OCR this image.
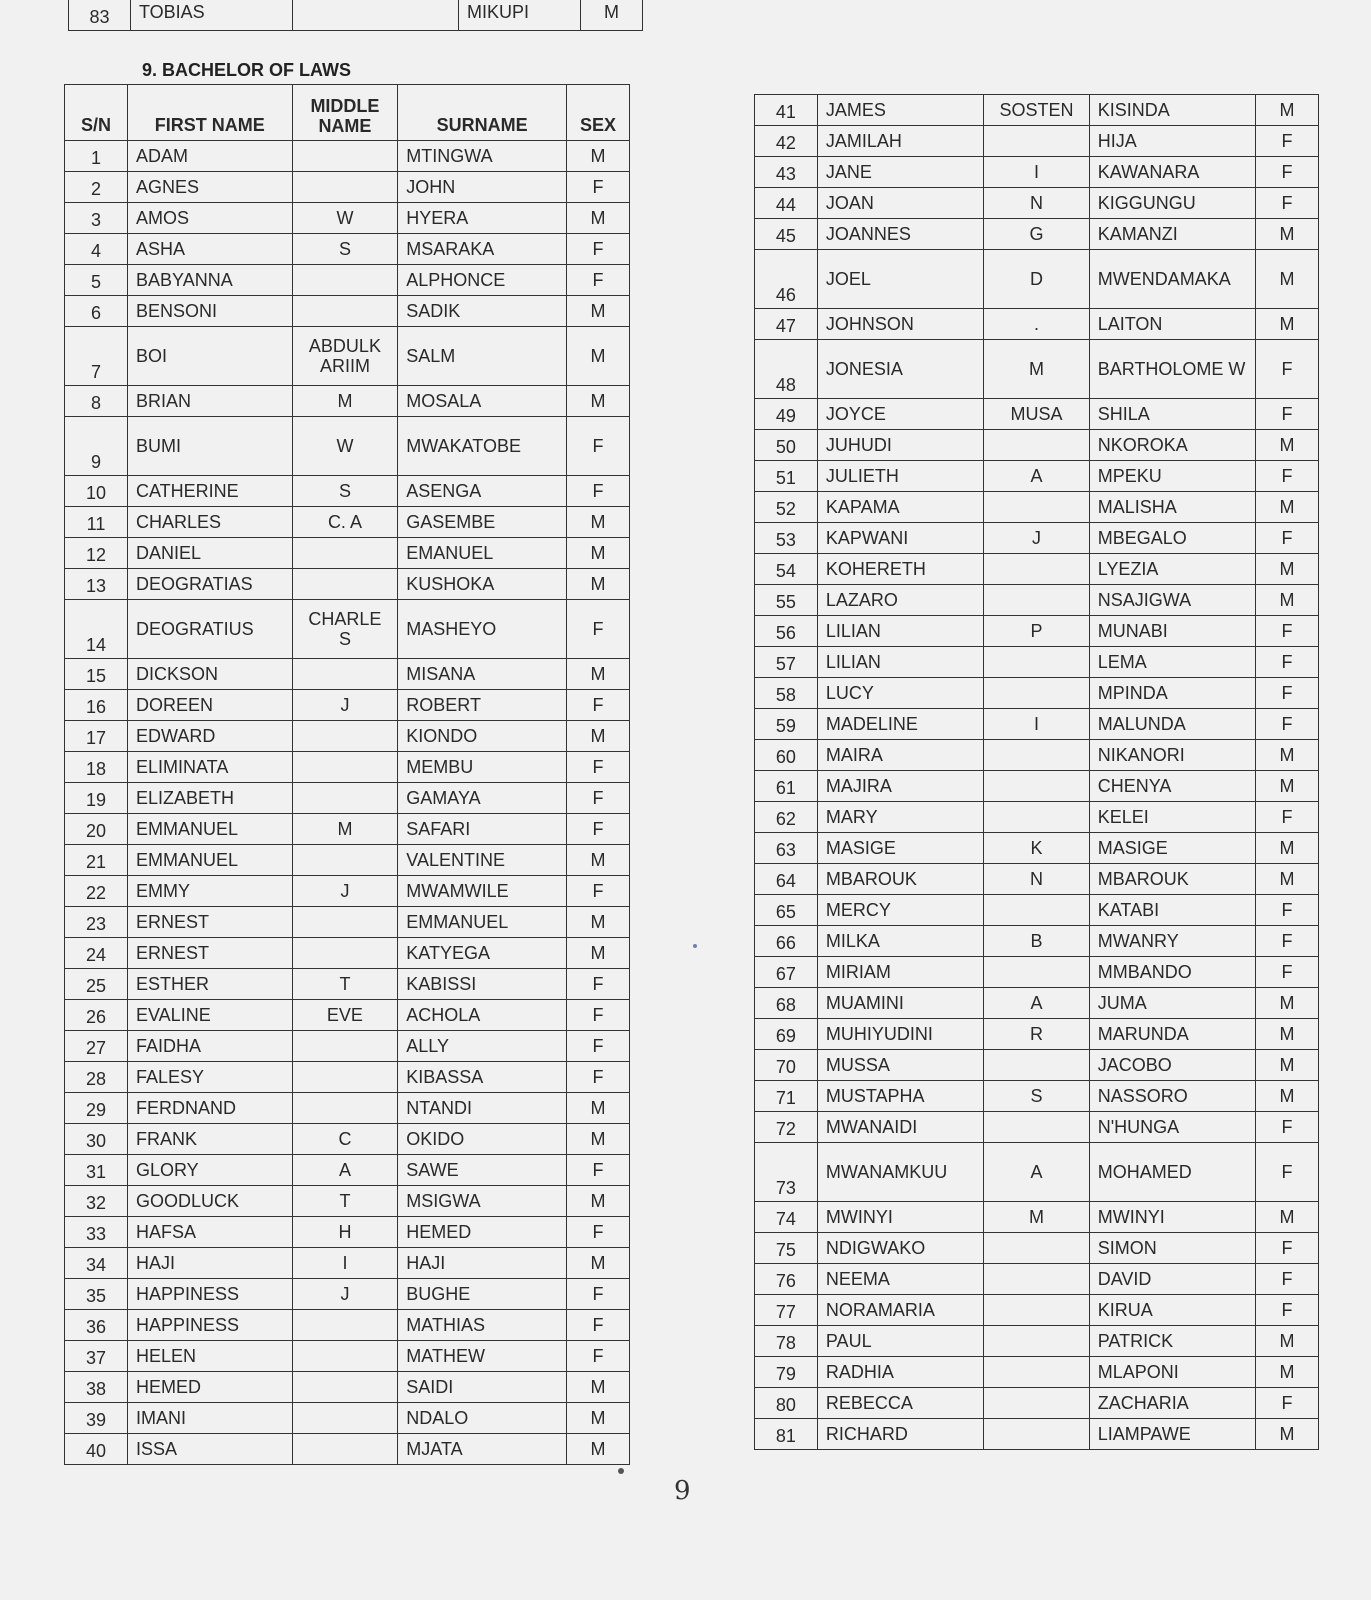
83	TOBIAS		MIKUPI	M
9. BACHELOR OF LAWS
S/N	FIRST NAME	MIDDLE NAME	SURNAME	SEX
1	ADAM		MTINGWA	M
2	AGNES		JOHN	F
3	AMOS	W	HYERA	M
4	ASHA	S	MSARAKA	F
5	BABYANNA		ALPHONCE	F
6	BENSONI		SADIK	M
7	BOI	ABDULK ARIIM	SALM	M
8	BRIAN	M	MOSALA	M
9	BUMI	W	MWAKATOBE	F
10	CATHERINE	S	ASENGA	F
11	CHARLES	C. A	GASEMBE	M
12	DANIEL		EMANUEL	M
13	DEOGRATIAS		KUSHOKA	M
14	DEOGRATIUS	CHARLE S	MASHEYO	F
15	DICKSON		MISANA	M
16	DOREEN	J	ROBERT	F
17	EDWARD		KIONDO	M
18	ELIMINATA		MEMBU	F
19	ELIZABETH		GAMAYA	F
20	EMMANUEL	M	SAFARI	F
21	EMMANUEL		VALENTINE	M
22	EMMY	J	MWAMWILE	F
23	ERNEST		EMMANUEL	M
24	ERNEST		KATYEGA	M
25	ESTHER	T	KABISSI	F
26	EVALINE	EVE	ACHOLA	F
27	FAIDHA		ALLY	F
28	FALESY		KIBASSA	F
29	FERDNAND		NTANDI	M
30	FRANK	C	OKIDO	M
31	GLORY	A	SAWE	F
32	GOODLUCK	T	MSIGWA	M
33	HAFSA	H	HEMED	F
34	HAJI	I	HAJI	M
35	HAPPINESS	J	BUGHE	F
36	HAPPINESS		MATHIAS	F
37	HELEN		MATHEW	F
38	HEMED		SAIDI	M
39	IMANI		NDALO	M
40	ISSA		MJATA	M
41	JAMES	SOSTEN	KISINDA	M
42	JAMILAH		HIJA	F
43	JANE	I	KAWANARA	F
44	JOAN	N	KIGGUNGU	F
45	JOANNES	G	KAMANZI	M
46	JOEL	D	MWENDAMAKA	M
47	JOHNSON	.	LAITON	M
48	JONESIA	M	BARTHOLOME W	F
49	JOYCE	MUSA	SHILA	F
50	JUHUDI		NKOROKA	M
51	JULIETH	A	MPEKU	F
52	KAPAMA		MALISHA	M
53	KAPWANI	J	MBEGALO	F
54	KOHERETH		LYEZIA	M
55	LAZARO		NSAJIGWA	M
56	LILIAN	P	MUNABI	F
57	LILIAN		LEMA	F
58	LUCY		MPINDA	F
59	MADELINE	I	MALUNDA	F
60	MAIRA		NIKANORI	M
61	MAJIRA		CHENYA	M
62	MARY		KELEI	F
63	MASIGE	K	MASIGE	M
64	MBAROUK	N	MBAROUK	M
65	MERCY		KATABI	F
66	MILKA	B	MWANRY	F
67	MIRIAM		MMBANDO	F
68	MUAMINI	A	JUMA	M
69	MUHIYUDINI	R	MARUNDA	M
70	MUSSA		JACOBO	M
71	MUSTAPHA	S	NASSORO	M
72	MWANAIDI		N'HUNGA	F
73	MWANAMKUU	A	MOHAMED	F
74	MWINYI	M	MWINYI	M
75	NDIGWAKO		SIMON	F
76	NEEMA		DAVID	F
77	NORAMARIA		KIRUA	F
78	PAUL		PATRICK	M
79	RADHIA		MLAPONI	M
80	REBECCA		ZACHARIA	F
81	RICHARD		LIAMPAWE	M
9
